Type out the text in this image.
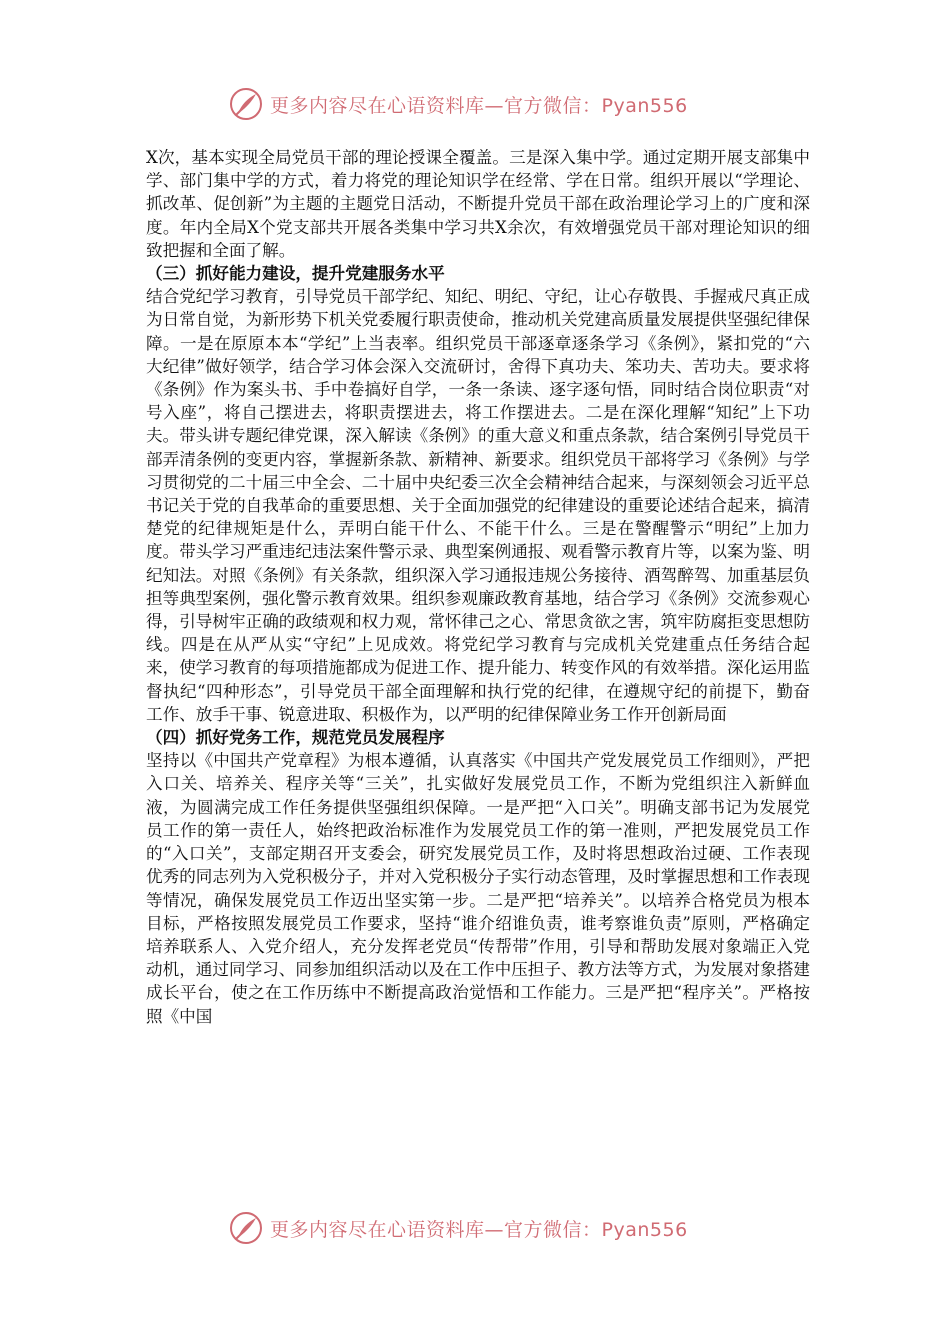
更多内容尽在心语资料库—官方微信：Pyan556

X次，基本实现全局党员干部的理论授课全覆盖。三是深入集中学。通过定期开展支部集中学、部门集中学的方式，着力将党的理论知识学在经常、学在日常。组织开展以“学理论、抓改革、促创新”为主题的主题党日活动，不断提升党员干部在政治理论学习上的广度和深度。年内全局X个党支部共开展各类集中学习共X余次，有效增强党员干部对理论知识的细致把握和全面了解。

（三）抓好能力建设，提升党建服务水平

结合党纪学习教育，引导党员干部学纪、知纪、明纪、守纪，让心存敬畏、手握戒尺真正成为日常自觉，为新形势下机关党委履行职责使命，推动机关党建高质量发展提供坚强纪律保障。一是在原原本本“学纪”上当表率。组织党员干部逐章逐条学习《条例》，紧扣党的“六大纪律”做好领学，结合学习体会深入交流研讨，舍得下真功夫、笨功夫、苦功夫。要求将《条例》作为案头书、手中卷搞好自学，一条一条读、逐字逐句悟，同时结合岗位职责“对号入座”，将自己摆进去，将职责摆进去，将工作摆进去。二是在深化理解“知纪”上下功夫。带头讲专题纪律党课，深入解读《条例》的重大意义和重点条款，结合案例引导党员干部弄清条例的变更内容，掌握新条款、新精神、新要求。组织党员干部将学习《条例》与学习贯彻党的二十届三中全会、二十届中央纪委三次全会精神结合起来，与深刻领会习近平总书记关于党的自我革命的重要思想、关于全面加强党的纪律建设的重要论述结合起来，搞清楚党的纪律规矩是什么，弄明白能干什么、不能干什么。三是在警醒警示“明纪”上加力度。带头学习严重违纪违法案件警示录、典型案例通报、观看警示教育片等，以案为鉴、明纪知法。对照《条例》有关条款，组织深入学习通报违规公务接待、酒驾醉驾、加重基层负担等典型案例，强化警示教育效果。组织参观廉政教育基地，结合学习《条例》交流参观心得，引导树牢正确的政绩观和权力观，常怀律己之心、常思贪欲之害，筑牢防腐拒变思想防线。四是在从严从实“守纪”上见成效。将党纪学习教育与完成机关党建重点任务结合起来，使学习教育的每项措施都成为促进工作、提升能力、转变作风的有效举措。深化运用监督执纪“四种形态”，引导党员干部全面理解和执行党的纪律，在遵规守纪的前提下，勤奋工作、放手干事、锐意进取、积极作为，以严明的纪律保障业务工作开创新局面

（四）抓好党务工作，规范党员发展程序

坚持以《中国共产党章程》为根本遵循，认真落实《中国共产党发展党员工作细则》，严把入口关、培养关、程序关等“三关”，扎实做好发展党员工作，不断为党组织注入新鲜血液，为圆满完成工作任务提供坚强组织保障。一是严把“入口关”。明确支部书记为发展党员工作的第一责任人，始终把政治标准作为发展党员工作的第一准则，严把发展党员工作的“入口关”，支部定期召开支委会，研究发展党员工作，及时将思想政治过硬、工作表现优秀的同志列为入党积极分子，并对入党积极分子实行动态管理，及时掌握思想和工作表现等情况，确保发展党员工作迈出坚实第一步。二是严把“培养关”。以培养合格党员为根本目标，严格按照发展党员工作要求，坚持“谁介绍谁负责，谁考察谁负责”原则，严格确定培养联系人、入党介绍人，充分发挥老党员“传帮带”作用，引导和帮助发展对象端正入党动机，通过同学习、同参加组织活动以及在工作中压担子、教方法等方式，为发展对象搭建成长平台，使之在工作历练中不断提高政治觉悟和工作能力。三是严把“程序关”。严格按照《中国

更多内容尽在心语资料库—官方微信：Pyan556
